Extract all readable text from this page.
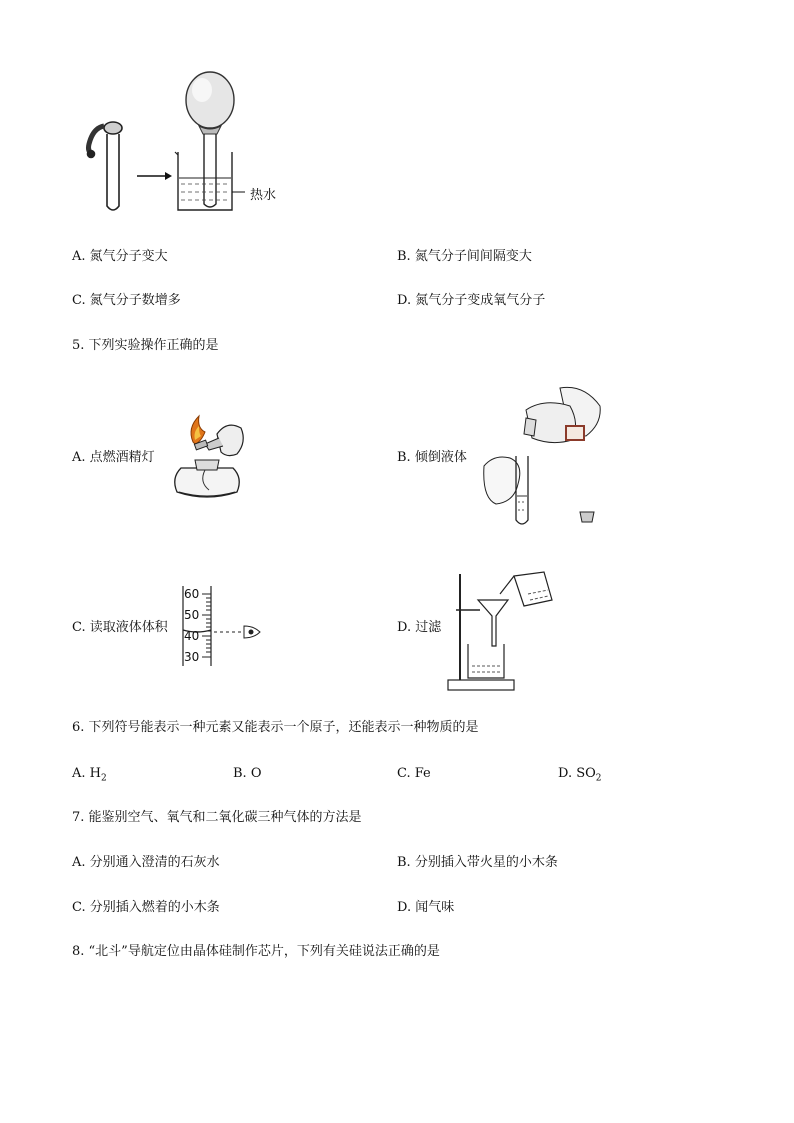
热水
A. 氮气分子变大	B. 氮气分子间间隔变大
C. 氮气分子数增多	D. 氮气分子变成氧气分子
5. 下列实验操作正确的是
A. 点燃酒精灯	B. 倾倒液体
C. 读取液体体积
60
50
40
30
D. 过滤
6. 下列符号能表示一种元素又能表示一个原子，还能表示一种物质的是
A. $H_2$	B. O	C. Fe	D. $SO_2$
7. 能鉴别空气、氧气和二氧化碳三种气体的方法是
A. 分别通入澄清的石灰水	B. 分别插入带火星的小木条
C. 分别插入燃着的小木条	D. 闻气味
8. “北斗”导航定位由晶体硅制作芯片，下列有关硅说法正确的是
